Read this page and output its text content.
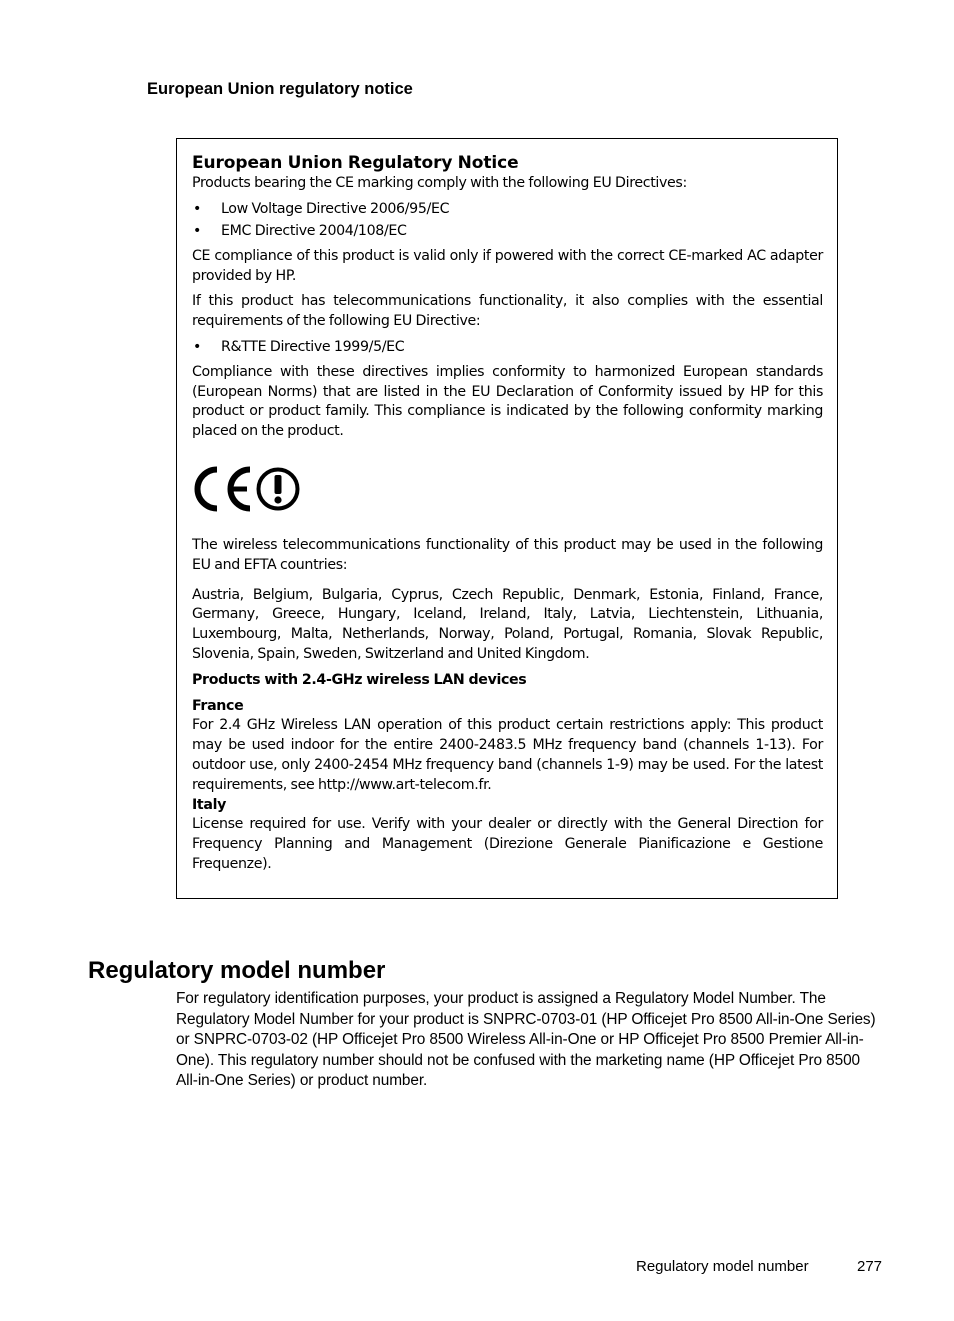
European Union regulatory notice

European Union Regulatory Notice

Products bearing the CE marking comply with the following EU Directives:

• Low Voltage Directive 2006/95/EC
• EMC Directive 2004/108/EC

CE compliance of this product is valid only if powered with the correct CE-marked AC adapter provided by HP.

If this product has telecommunications functionality, it also complies with the essential requirements of the following EU Directive:

• R&TTE Directive 1999/5/EC

Compliance with these directives implies conformity to harmonized European standards (European Norms) that are listed in the EU Declaration of Conformity issued by HP for this product or product family. This compliance is indicated by the following conformity marking placed on the product.

The wireless telecommunications functionality of this product may be used in the following EU and EFTA countries:

Austria, Belgium, Bulgaria, Cyprus, Czech Republic, Denmark, Estonia, Finland, France, Germany, Greece, Hungary, Iceland, Ireland, Italy, Latvia, Liechtenstein, Lithuania, Luxembourg, Malta, Netherlands, Norway, Poland, Portugal, Romania, Slovak Republic, Slovenia, Spain, Sweden, Switzerland and United Kingdom.

Products with 2.4-GHz wireless LAN devices

France

For 2.4 GHz Wireless LAN operation of this product certain restrictions apply: This product may be used indoor for the entire 2400-2483.5 MHz frequency band (channels 1-13). For outdoor use, only 2400-2454 MHz frequency band (channels 1-9) may be used. For the latest requirements, see http://www.art-telecom.fr.

Italy

License required for use. Verify with your dealer or directly with the General Direction for Frequency Planning and Management (Direzione Generale Pianificazione e Gestione Frequenze).

Regulatory model number

For regulatory identification purposes, your product is assigned a Regulatory Model Number. The Regulatory Model Number for your product is SNPRC-0703-01 (HP Officejet Pro 8500 All-in-One Series) or SNPRC-0703-02 (HP Officejet Pro 8500 Wireless All-in-One or HP Officejet Pro 8500 Premier All-in-One). This regulatory number should not be confused with the marketing name (HP Officejet Pro 8500 All-in-One Series) or product number.

Regulatory model number	277
